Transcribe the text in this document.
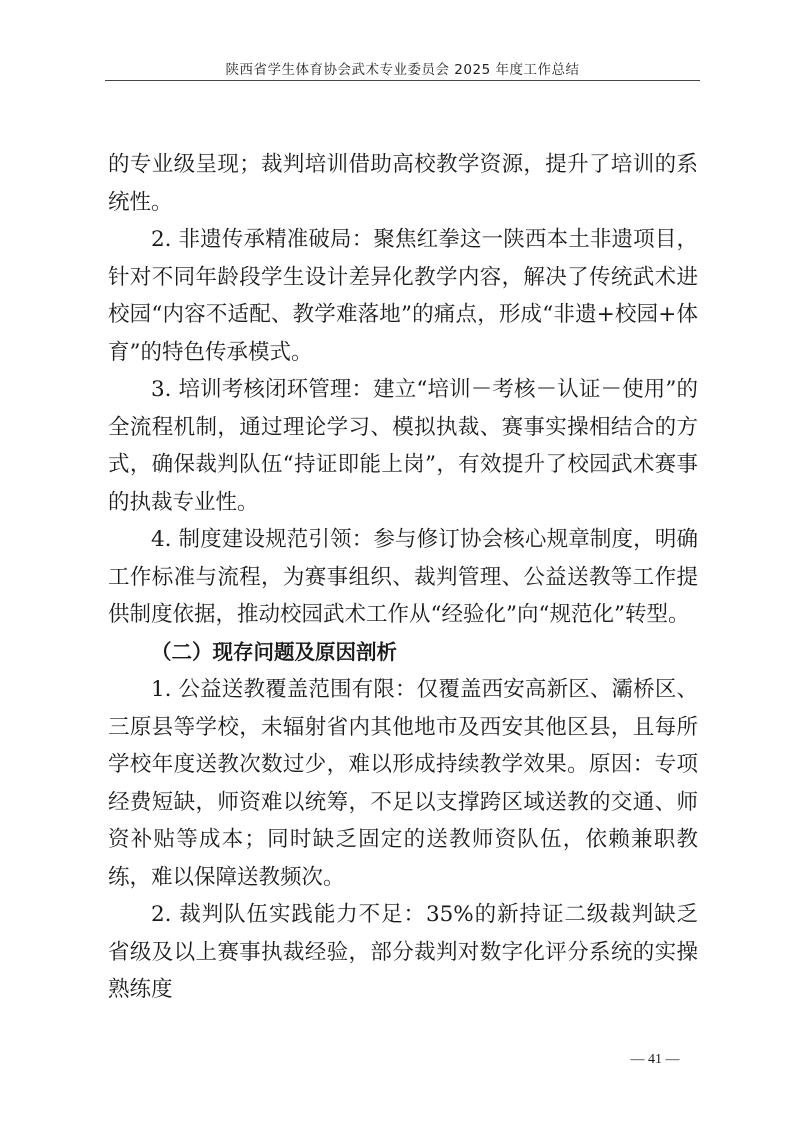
陕西省学生体育协会武术专业委员会 2025 年度工作总结

的专业级呈现；裁判培训借助高校教学资源，提升了培训的系统性。

2. 非遗传承精准破局：聚焦红拳这一陕西本土非遗项目，针对不同年龄段学生设计差异化教学内容，解决了传统武术进校园“内容不适配、教学难落地”的痛点，形成“非遗+校园+体育”的特色传承模式。

3. 培训考核闭环管理：建立“培训－考核－认证－使用”的全流程机制，通过理论学习、模拟执裁、赛事实操相结合的方式，确保裁判队伍“持证即能上岗”，有效提升了校园武术赛事的执裁专业性。

4. 制度建设规范引领：参与修订协会核心规章制度，明确工作标准与流程，为赛事组织、裁判管理、公益送教等工作提供制度依据，推动校园武术工作从“经验化”向“规范化”转型。

（二）现存问题及原因剖析

1. 公益送教覆盖范围有限：仅覆盖西安高新区、灞桥区、三原县等学校，未辐射省内其他地市及西安其他区县，且每所学校年度送教次数过少，难以形成持续教学效果。原因：专项经费短缺，师资难以统筹，不足以支撑跨区域送教的交通、师资补贴等成本；同时缺乏固定的送教师资队伍，依赖兼职教练，难以保障送教频次。

2. 裁判队伍实践能力不足：35%的新持证二级裁判缺乏省级及以上赛事执裁经验，部分裁判对数字化评分系统的实操熟练度

— 41 —
